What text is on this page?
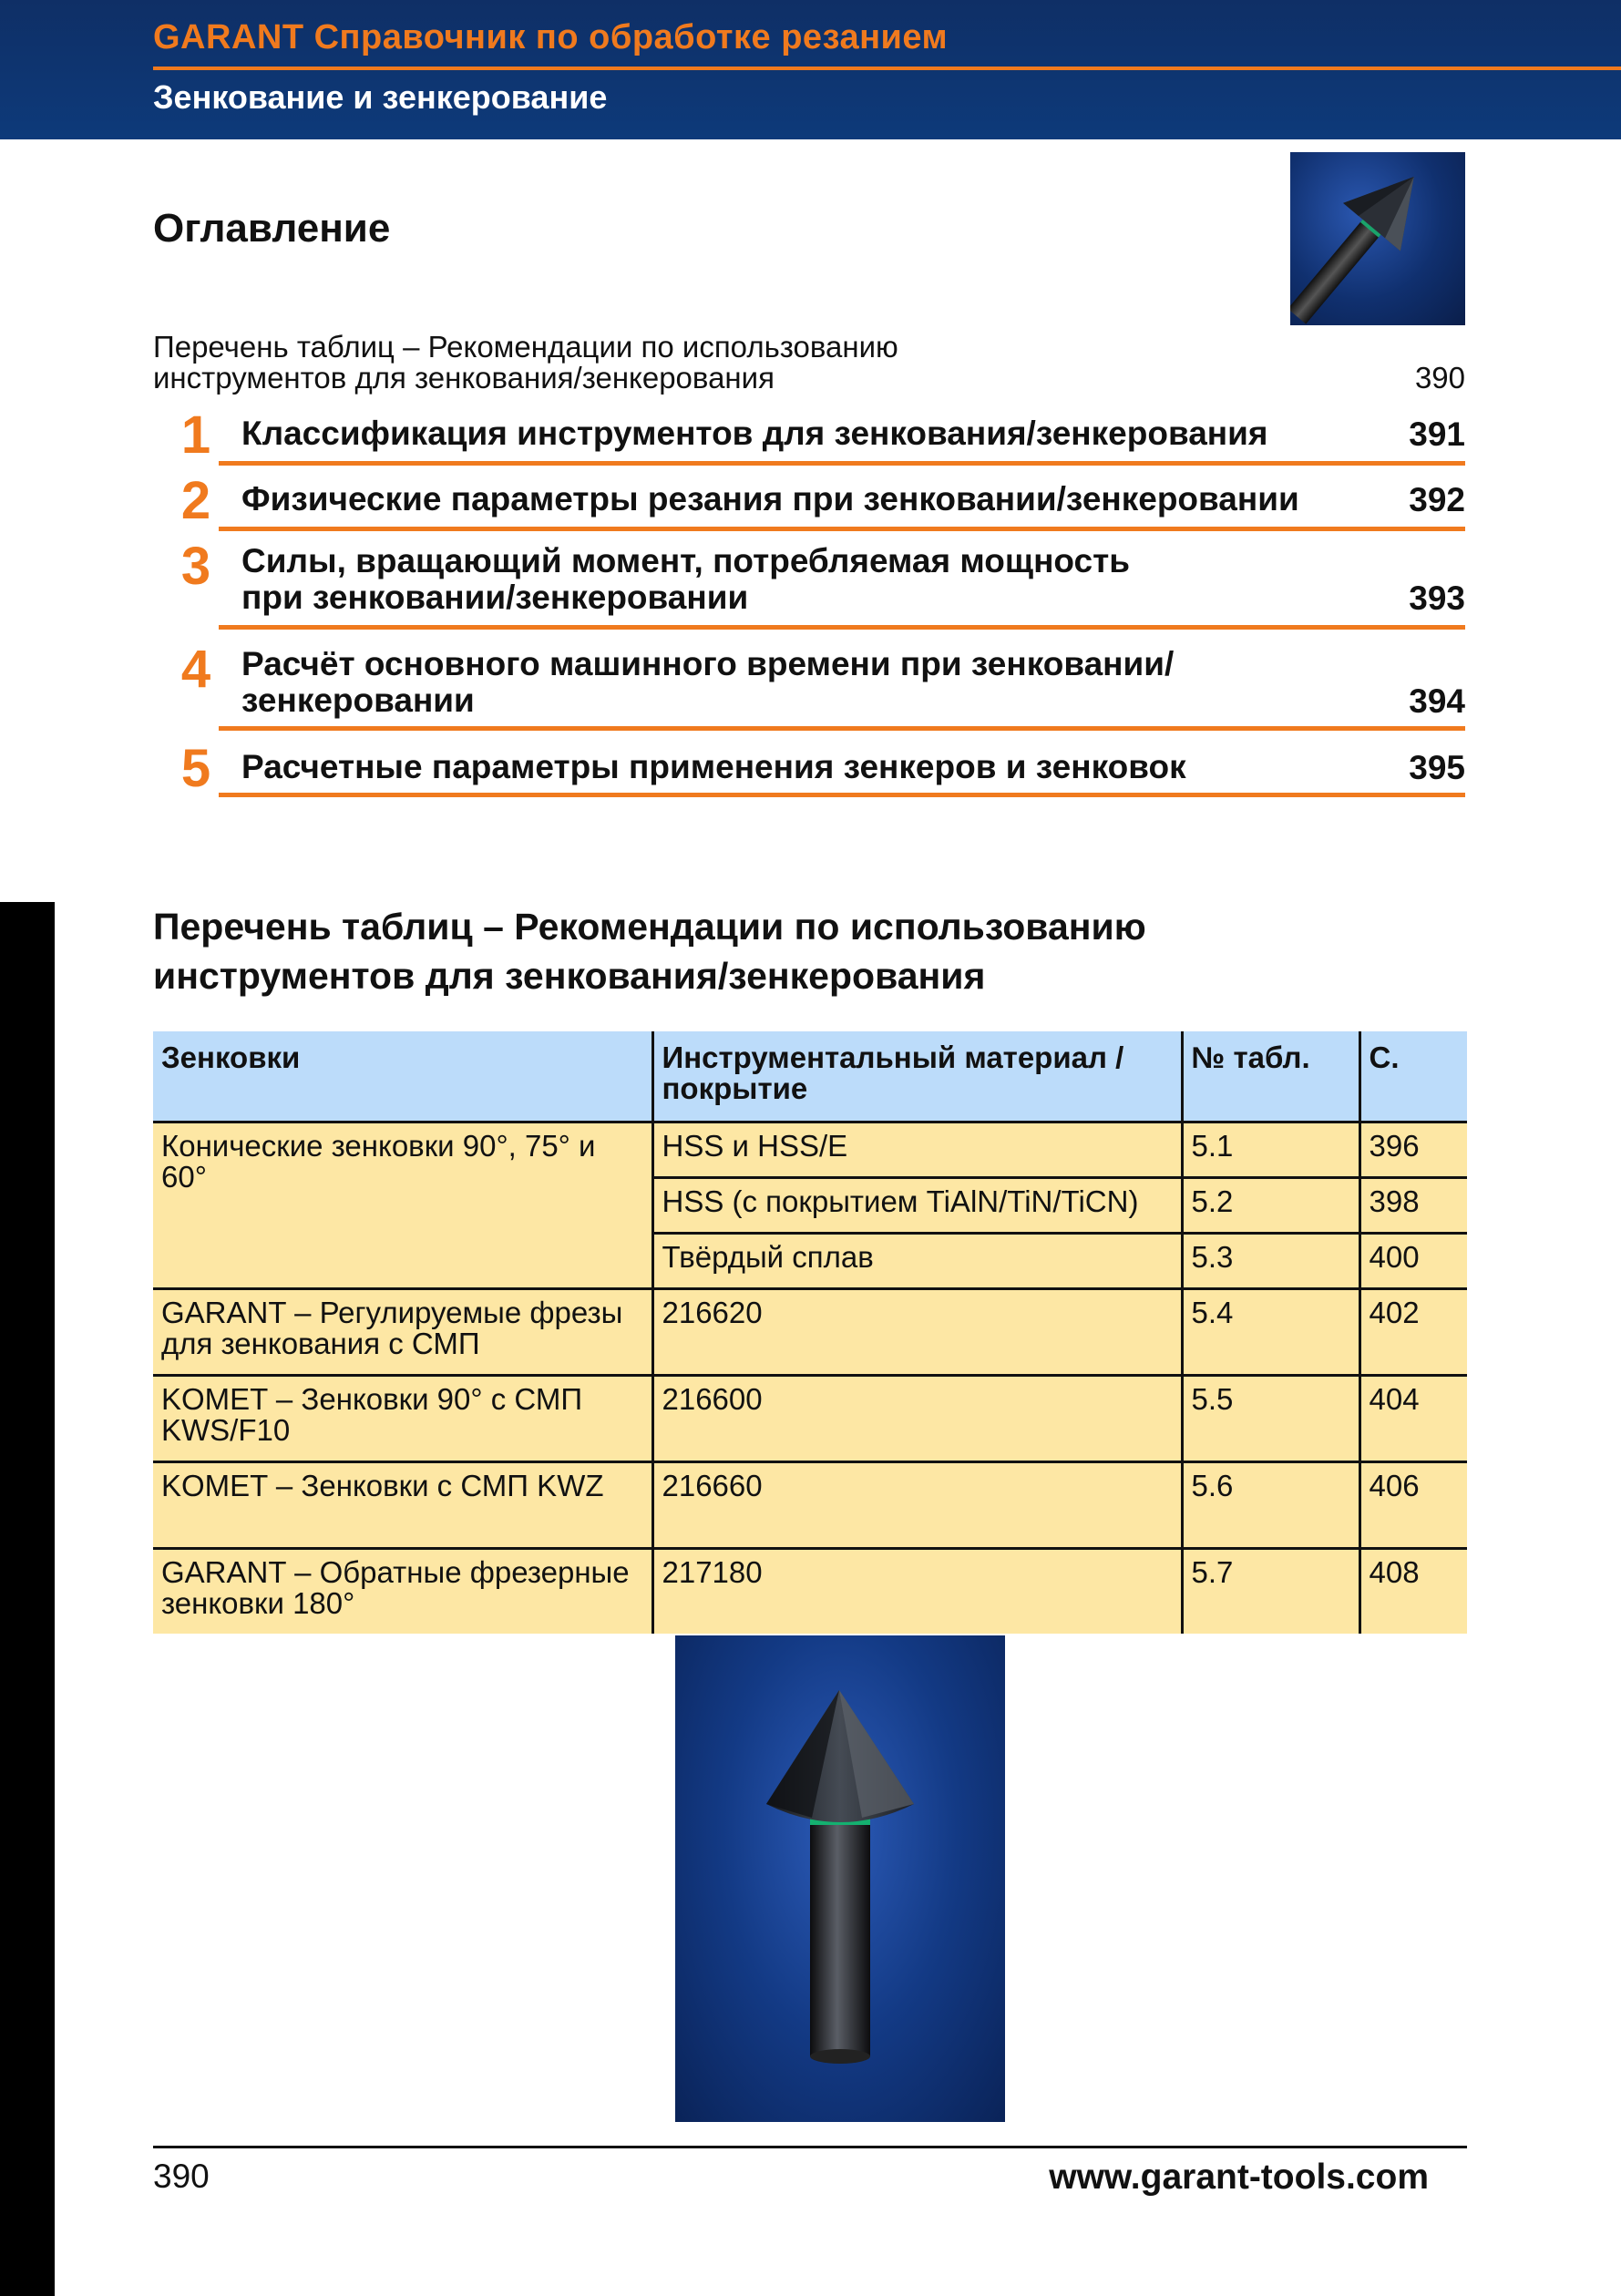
GARANT Справочник по обработке резанием
Зенкование и зенкерование
Оглавление
Перечень таблиц – Рекомендации по использованию
инструментов для зенкования/зенкерования	390
1 Классификация инструментов для зенкования/зенкерования	391
2 Физические параметры резания при зенковании/зенкеровании	392
3 Силы, вращающий момент, потребляемая мощность
при зенковании/зенкеровании	393
4 Расчёт основного машинного времени при зенковании/
зенкеровании	394
5 Расчетные параметры применения зенкеров и зенковок	395
Перечень таблиц – Рекомендации по использованию
инструментов для зенкования/зенкерования
Зенковки	Инструментальный материал / покрытие	№ табл.	С.
Конические зенковки 90°, 75° и 60°	HSS и HSS/E	5.1	396
	HSS (с покрытием TiAlN/TiN/TiCN)	5.2	398
	Твёрдый сплав	5.3	400
GARANT – Регулируемые фрезы для зенкования с СМП	216620	5.4	402
KOMET – Зенковки 90° с СМП KWS/F10	216600	5.5	404
KOMET – Зенковки с СМП KWZ	216660	5.6	406
GARANT – Обратные фрезерные зенковки 180°	217180	5.7	408
390	www.garant-tools.com
